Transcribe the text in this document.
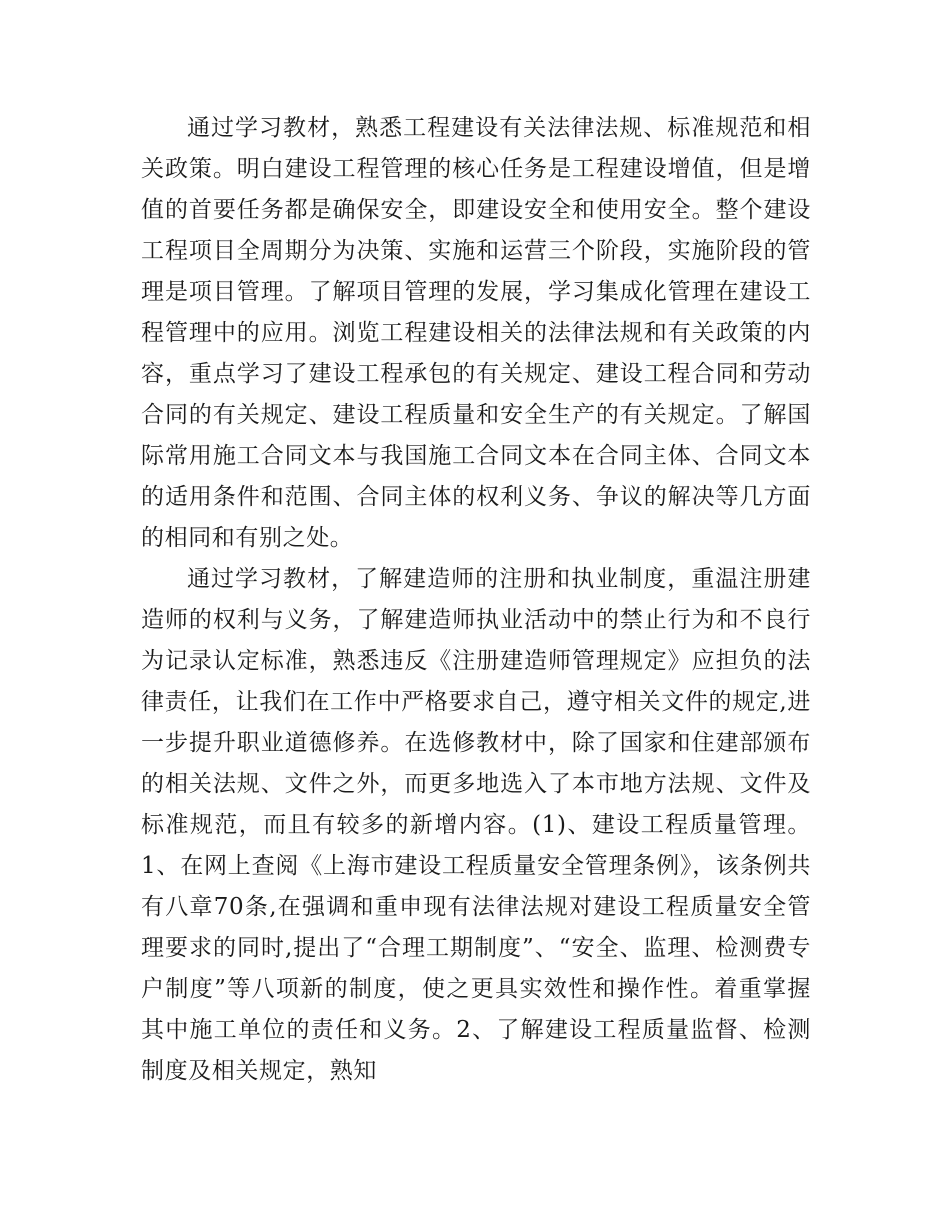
通过学习教材，熟悉工程建设有关法律法规、标准规范和相关政策。明白建设工程管理的核心任务是工程建设增值，但是增值的首要任务都是确保安全，即建设安全和使用安全。整个建设工程项目全周期分为决策、实施和运营三个阶段，实施阶段的管理是项目管理。了解项目管理的发展，学习集成化管理在建设工程管理中的应用。浏览工程建设相关的法律法规和有关政策的内容，重点学习了建设工程承包的有关规定、建设工程合同和劳动合同的有关规定、建设工程质量和安全生产的有关规定。了解国际常用施工合同文本与我国施工合同文本在合同主体、合同文本的适用条件和范围、合同主体的权利义务、争议的解决等几方面的相同和有别之处。

通过学习教材，了解建造师的注册和执业制度，重温注册建造师的权利与义务，了解建造师执业活动中的禁止行为和不良行为记录认定标准，熟悉违反《注册建造师管理规定》应担负的法律责任，让我们在工作中严格要求自己，遵守相关文件的规定,进一步提升职业道德修养。在选修教材中，除了国家和住建部颁布的相关法规、文件之外，而更多地选入了本市地方法规、文件及标准规范，而且有较多的新增内容。(1)、建设工程质量管理。1、在网上查阅《上海市建设工程质量安全管理条例》，该条例共有八章70条,在强调和重申现有法律法规对建设工程质量安全管理要求的同时,提出了“合理工期制度”、“安全、监理、检测费专户制度”等八项新的制度，使之更具实效性和操作性。着重掌握其中施工单位的责任和义务。2、了解建设工程质量监督、检测制度及相关规定，熟知
